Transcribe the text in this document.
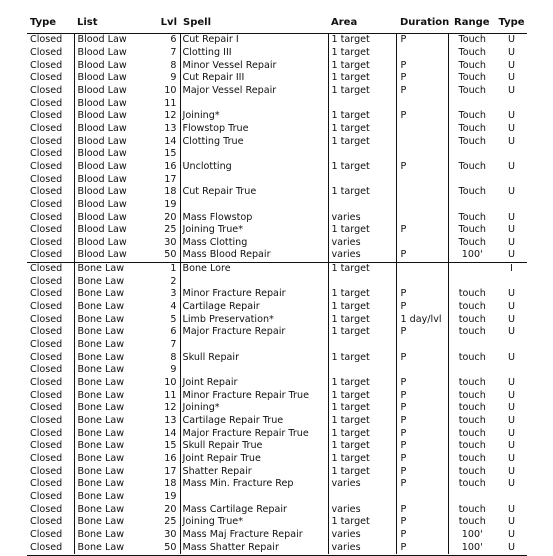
Type	List	Lvl	Spell	Area	Duration	Range	Type
Closed	Blood Law	6	Cut Repair I	1 target	P	Touch	U
Closed	Blood Law	7	Clotting III	1 target		Touch	U
Closed	Blood Law	8	Minor Vessel Repair	1 target	P	Touch	U
Closed	Blood Law	9	Cut Repair III	1 target	P	Touch	U
Closed	Blood Law	10	Major Vessel Repair	1 target	P	Touch	U
Closed	Blood Law	11					
Closed	Blood Law	12	Joining*	1 target	P	Touch	U
Closed	Blood Law	13	Flowstop True	1 target		Touch	U
Closed	Blood Law	14	Clotting True	1 target		Touch	U
Closed	Blood Law	15					
Closed	Blood Law	16	Unclotting	1 target	P	Touch	U
Closed	Blood Law	17					
Closed	Blood Law	18	Cut Repair True	1 target		Touch	U
Closed	Blood Law	19					
Closed	Blood Law	20	Mass Flowstop	varies		Touch	U
Closed	Blood Law	25	Joining True*	1 target	P	Touch	U
Closed	Blood Law	30	Mass Clotting	varies		Touch	U
Closed	Blood Law	50	Mass Blood Repair	varies	P	100'	U
Closed	Bone Law	1	Bone Lore	1 target			I
Closed	Bone Law	2					
Closed	Bone Law	3	Minor Fracture Repair	1 target	P	touch	U
Closed	Bone Law	4	Cartilage Repair	1 target	P	touch	U
Closed	Bone Law	5	Limb Preservation*	1 target	1 day/lvl	touch	U
Closed	Bone Law	6	Major Fracture Repair	1 target	P	touch	U
Closed	Bone Law	7					
Closed	Bone Law	8	Skull Repair	1 target	P	touch	U
Closed	Bone Law	9					
Closed	Bone Law	10	Joint Repair	1 target	P	touch	U
Closed	Bone Law	11	Minor Fracture Repair True	1 target	P	touch	U
Closed	Bone Law	12	Joining*	1 target	P	touch	U
Closed	Bone Law	13	Cartilage Repair True	1 target	P	touch	U
Closed	Bone Law	14	Major Fracture Repair True	1 target	P	touch	U
Closed	Bone Law	15	Skull Repair True	1 target	P	touch	U
Closed	Bone Law	16	Joint Repair True	1 target	P	touch	U
Closed	Bone Law	17	Shatter Repair	1 target	P	touch	U
Closed	Bone Law	18	Mass Min. Fracture Rep	varies	P	touch	U
Closed	Bone Law	19					
Closed	Bone Law	20	Mass Cartilage Repair	varies	P	touch	U
Closed	Bone Law	25	Joining True*	1 target	P	touch	U
Closed	Bone Law	30	Mass Maj Fracture Repair	varies	P	100'	U
Closed	Bone Law	50	Mass Shatter Repair	varies	P	100'	U
